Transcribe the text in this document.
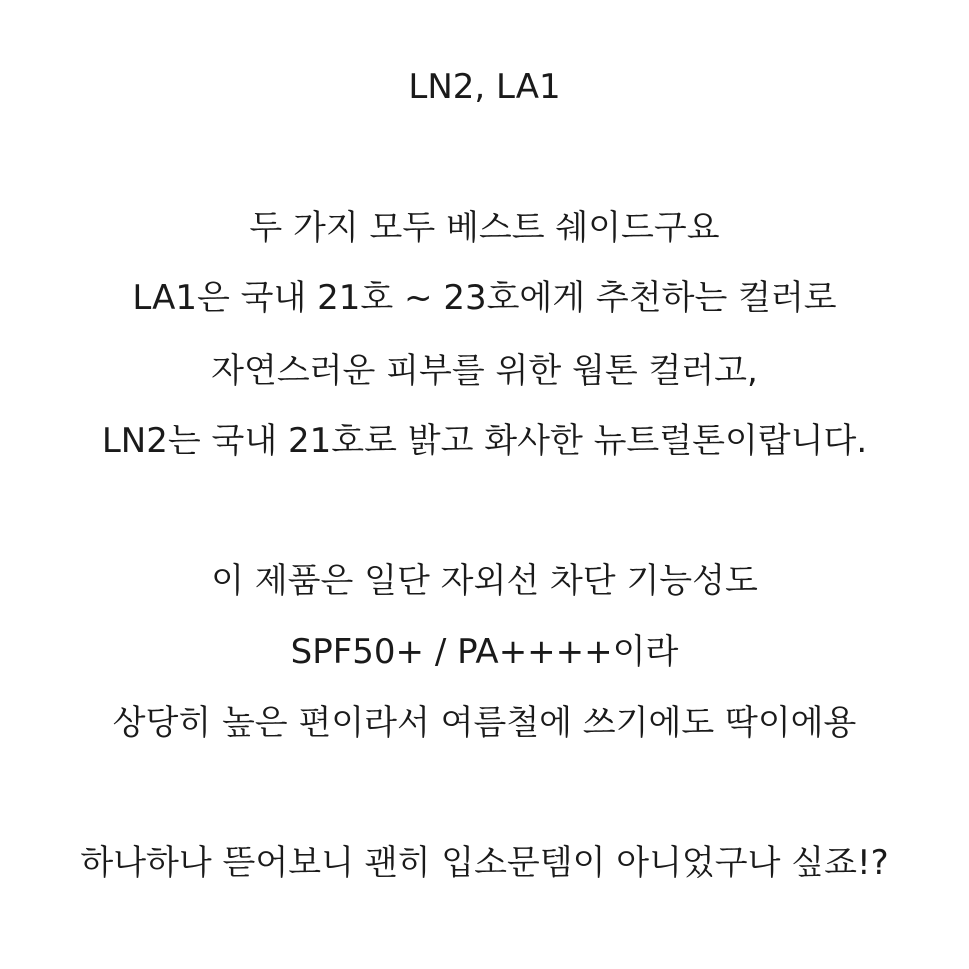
LN2, LA1
두 가지 모두 베스트 쉐이드구요
LA1은 국내 21호 ~ 23호에게 추천하는 컬러로
자연스러운 피부를 위한 웜톤 컬러고,
LN2는 국내 21호로 밝고 화사한 뉴트럴톤이랍니다.
이 제품은 일단 자외선 차단 기능성도
SPF50+ / PA++++이라
상당히 높은 편이라서 여름철에 쓰기에도 딱이에용
하나하나 뜯어보니 괜히 입소문템이 아니었구나 싶죠!?
